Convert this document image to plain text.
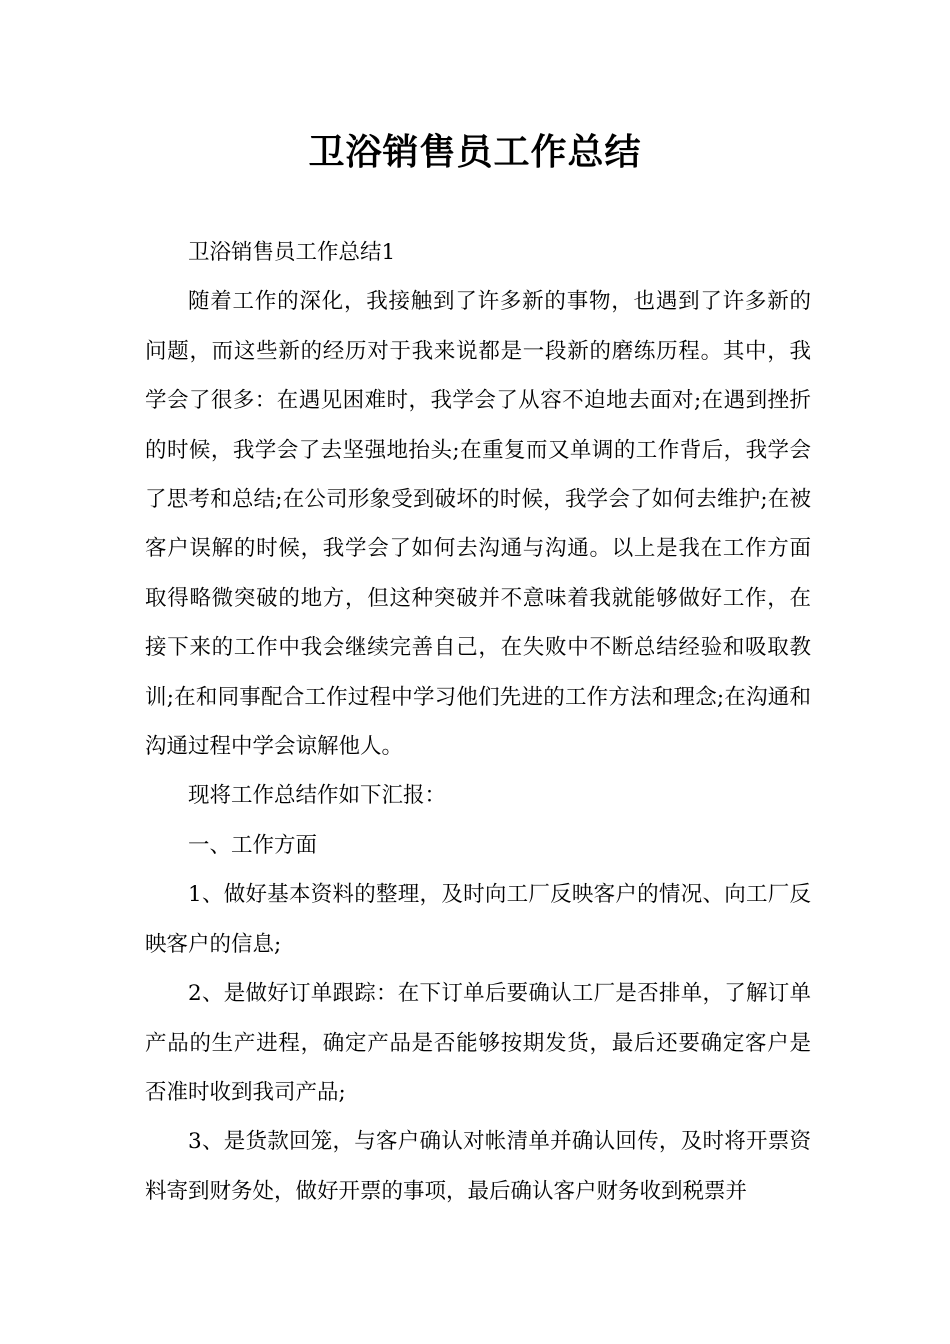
卫浴销售员工作总结

卫浴销售员工作总结1

随着工作的深化，我接触到了许多新的事物，也遇到了许多新的问题，而这些新的经历对于我来说都是一段新的磨练历程。其中，我学会了很多：在遇见困难时，我学会了从容不迫地去面对;在遇到挫折的时候，我学会了去坚强地抬头;在重复而又单调的工作背后，我学会了思考和总结;在公司形象受到破坏的时候，我学会了如何去维护;在被客户误解的时候，我学会了如何去沟通与沟通。以上是我在工作方面取得略微突破的地方，但这种突破并不意味着我就能够做好工作，在接下来的工作中我会继续完善自己，在失败中不断总结经验和吸取教训;在和同事配合工作过程中学习他们先进的工作方法和理念;在沟通和沟通过程中学会谅解他人。

现将工作总结作如下汇报：

一、工作方面

1、做好基本资料的整理，及时向工厂反映客户的情况、向工厂反映客户的信息;

2、是做好订单跟踪：在下订单后要确认工厂是否排单，了解订单产品的生产进程，确定产品是否能够按期发货，最后还要确定客户是否准时收到我司产品;

3、是货款回笼，与客户确认对帐清单并确认回传，及时将开票资料寄到财务处，做好开票的事项，最后确认客户财务收到税票并
